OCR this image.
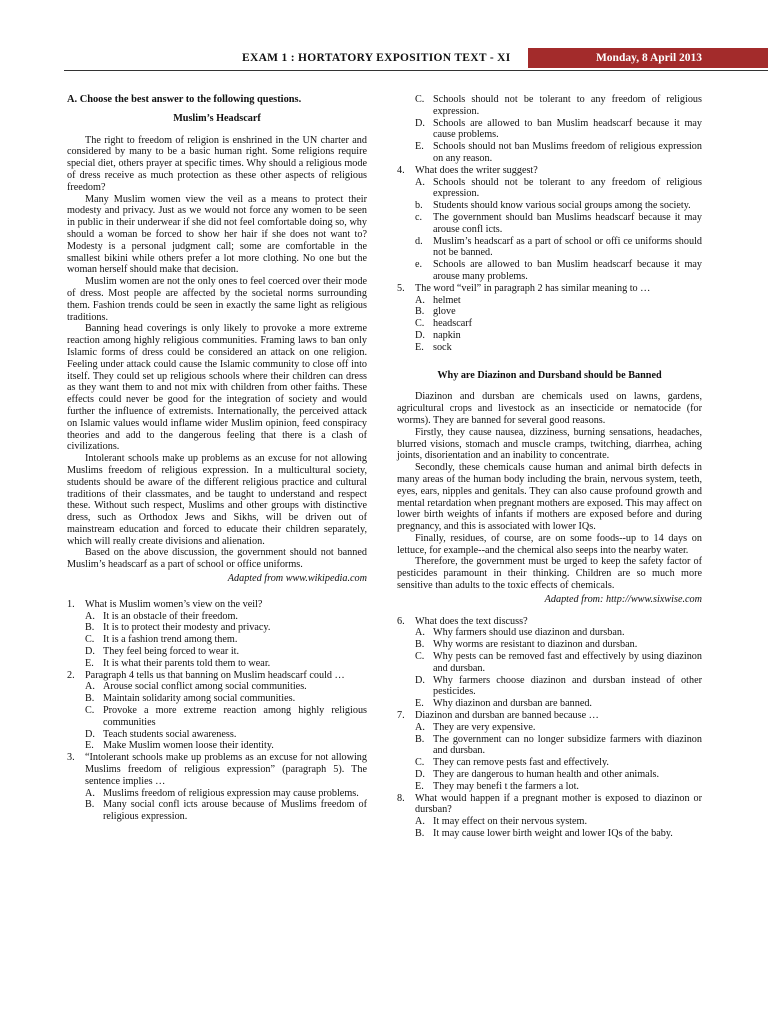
EXAM 1 : HORTATORY EXPOSITION TEXT - XI	Monday, 8 April 2013
A. Choose the best answer to the following questions.
Muslim’s Headscarf

The right to freedom of religion is enshrined in the UN charter and considered by many to be a basic human right. Some religions require special diet, others prayer at specific times. Why should a religious mode of dress receive as much protection as these other aspects of religious freedom?

Many Muslim women view the veil as a means to protect their modesty and privacy. Just as we would not force any women to be seen in public in their underwear if she did not feel comfortable doing so, why should a woman be forced to show her hair if she does not want to? Modesty is a personal judgment call; some are comfortable in the smallest bikini while others prefer a lot more clothing. No one but the woman herself should make that decision.

Muslim women are not the only ones to feel coerced over their mode of dress. Most people are affected by the societal norms surrounding them. Fashion trends could be seen in exactly the same light as religious traditions.

Banning head coverings is only likely to provoke a more extreme reaction among highly religious communities. Framing laws to ban only Islamic forms of dress could be considered an attack on one religion. Feeling under attack could cause the Islamic community to close off into itself. They could set up religious schools where their children can dress as they want them to and not mix with children from other faiths. These effects could never be good for the integration of society and would further the influence of extremists. Internationally, the perceived attack on Islamic values would inflame wider Muslim opinion, feed conspiracy theories and add to the dangerous feeling that there is a clash of civilizations.

Intolerant schools make up problems as an excuse for not allowing Muslims freedom of religious expression. In a multicultural society, students should be aware of the different religious practice and cultural traditions of their classmates, and be taught to understand and respect these. Without such respect, Muslims and other groups with distinctive dress, such as Orthodox Jews and Sikhs, will be driven out of mainstream education and forced to educate their children separately, which will really create divisions and alienation.

Based on the above discussion, the government should not banned Muslim’s headscarf as a part of school or office uniforms.

Adapted from www.wikipedia.com
1.	What is Muslim women’s view on the veil?
A. It is an obstacle of their freedom.
B. It is to protect their modesty and privacy.
C. It is a fashion trend among them.
D. They feel being forced to wear it.
E. It is what their parents told them to wear.
2.	Paragraph 4 tells us that banning on Muslim headscarf could …
A. Arouse social conflict among social communities.
B. Maintain solidarity among social communities.
C. Provoke a more extreme reaction among highly religious communities
D. Teach students social awareness.
E. Make Muslim women loose their identity.
3.	“Intolerant schools make up problems as an excuse for not allowing Muslims freedom of religious expression” (paragraph 5). The sentence implies …
A. Muslims freedom of religious expression may cause problems.
B. Many social confl icts arouse because of Muslims freedom of religious expression.
C. Schools should not be tolerant to any freedom of religious expression.
D. Schools are allowed to ban Muslim headscarf because it may cause problems.
E. Schools should not ban Muslims freedom of religious expression on any reason.
4.	What does the writer suggest?
A. Schools should not be tolerant to any freedom of religious expression.
b.	Students should know various social groups among the society.
c.	The government should ban Muslims headscarf because it may arouse confl icts.
d.	Muslim’s headscarf as a part of school or offi ce uniforms should not be banned.
e.	Schools are allowed to ban Muslim headscarf because it may arouse many problems.
5.	The word “veil” in paragraph 2 has similar meaning to …
A. helmet
B. glove
C. headscarf
D. napkin
E. sock
Why are Diazinon and Dursband should be Banned

Diazinon and dursban are chemicals used on lawns, gardens, agricultural crops and livestock as an insecticide or nematocide (for worms). They are banned for several good reasons.

Firstly, they cause nausea, dizziness, burning sensations, headaches, blurred visions, stomach and muscle cramps, twitching, diarrhea, aching joints, disorientation and an inability to concentrate.

Secondly, these chemicals cause human and animal birth defects in many areas of the human body including the brain, nervous system, teeth, eyes, ears, nipples and genitals. They can also cause profound growth and mental retardation when pregnant mothers are exposed. This may affect on lower birth weights of infants if mothers are exposed before and during pregnancy, and this is associated with lower IQs.

Finally, residues, of course, are on some foods--up to 14 days on lettuce, for example--and the chemical also seeps into the nearby water.

Therefore, the government must be urged to keep the safety factor of pesticides paramount in their thinking. Children are so much more sensitive than adults to the toxic effects of chemicals.

Adapted from: http://www.sixwise.com
6.	What does the text discuss?
A. Why farmers should use diazinon and dursban.
B. Why worms are resistant to diazinon and dursban.
C. Why pests can be removed fast and effectively by using diazinon and dursban.
D. Why farmers choose diazinon and dursban instead of other pesticides.
E. Why diazinon and dursban are banned.
7.	Diazinon and dursban are banned because …
A. They are very expensive.
B. The government can no longer subsidize farmers with diazinon and dursban.
C. They can remove pests fast and effectively.
D. They are dangerous to human health and other animals.
E. They may benefi t the farmers a lot.
8.	What would happen if a pregnant mother is exposed to diazinon or dursban?
A. It may effect on their nervous system.
B. It may cause lower birth weight and lower IQs of the baby.
